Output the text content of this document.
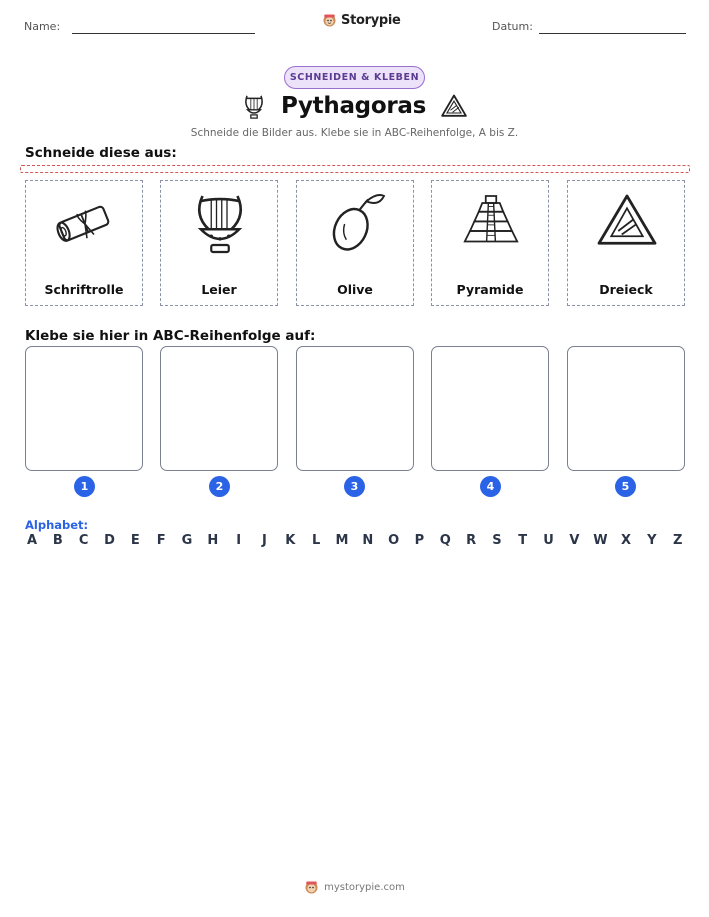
Name:	Storypie	Datum:
SCHNEIDEN & KLEBEN
Pythagoras
Schneide die Bilder aus. Klebe sie in ABC-Reihenfolge, A bis Z.
Schneide diese aus:
Schriftrolle	Leier	Olive	Pyramide	Dreieck
Klebe sie hier in ABC-Reihenfolge auf:
1	2	3	4	5
Alphabet:
A B C D E F G H	I	J	K L M N O P Q R S T U V W X Y Z
mystorypie.com
